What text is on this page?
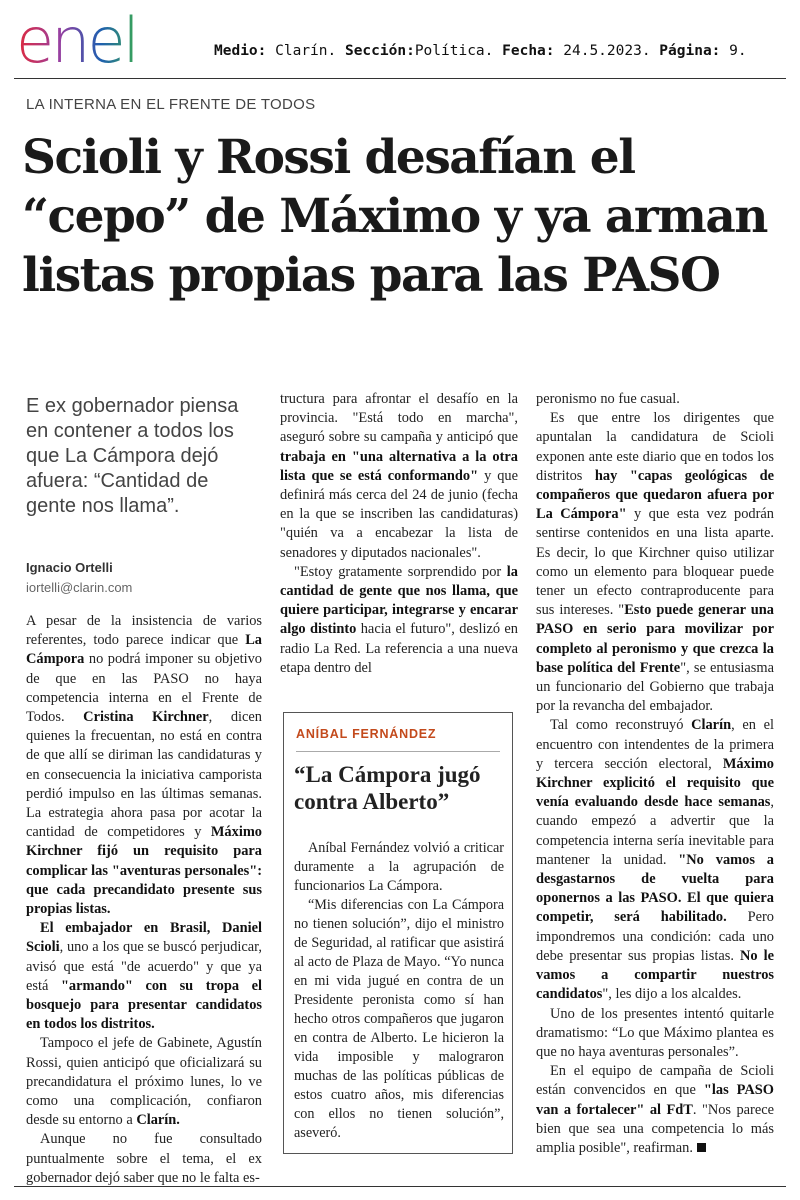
enel	Medio: Clarín. Sección:Política. Fecha: 24.5.2023. Página: 9.
LA INTERNA EN EL FRENTE DE TODOS
Scioli y Rossi desafían el “cepo” de Máximo y ya arman listas propias para las PASO

E ex gobernador piensa en contener a todos los que La Cámpora dejó afuera: “Cantidad de gente nos llama”.

Ignacio Ortelli
iortelli@clarin.com

A pesar de la insistencia de varios referentes, todo parece indicar que La Cámpora no podrá imponer su objetivo de que en las PASO no haya competencia interna en el Frente de Todos. Cristina Kirchner, dicen quienes la frecuentan, no está en contra de que allí se diriman las candidaturas y en consecuencia la iniciativa camporista perdió impulso en las últimas semanas. La estrategia ahora pasa por acotar la cantidad de competidores y Máximo Kirchner fijó un requisito para complicar las "aventuras personales": que cada precandidato presente sus propias listas.

El embajador en Brasil, Daniel Scioli, uno a los que se buscó perjudicar, avisó que está "de acuerdo" y que ya está "armando" con su tropa el bosquejo para presentar candidatos en todos los distritos.

Tampoco el jefe de Gabinete, Agustín Rossi, quien anticipó que oficializará su precandidatura el próximo lunes, lo ve como una complicación, confiaron desde su entorno a Clarín.

Aunque no fue consultado puntualmente sobre el tema, el ex gobernador dejó saber que no le falta es-

tructura para afrontar el desafío en la provincia. "Está todo en marcha", aseguró sobre su campaña y anticipó que trabaja en "una alternativa a la otra lista que se está conformando" y que definirá más cerca del 24 de junio (fecha en la que se inscriben las candidaturas) "quién va a encabezar la lista de senadores y diputados nacionales".

"Estoy gratamente sorprendido por la cantidad de gente que nos llama, que quiere participar, integrarse y encarar algo distinto hacia el futuro", deslizó en radio La Red. La referencia a una nueva etapa dentro del

ANÍBAL FERNÁNDEZ
“La Cámpora jugó contra Alberto”

Aníbal Fernández volvió a criticar duramente a la agrupación de funcionarios La Cámpora.

“Mis diferencias con La Cámpora no tienen solución”, dijo el ministro de Seguridad, al ratificar que asistirá al acto de Plaza de Mayo. “Yo nunca en mi vida jugué en contra de un Presidente peronista como sí han hecho otros compañeros que jugaron en contra de Alberto. Le hicieron la vida imposible y malograron muchas de las políticas públicas de estos cuatro años, mis diferencias con ellos no tienen solución”, aseveró.

peronismo no fue casual.

Es que entre los dirigentes que apuntalan la candidatura de Scioli exponen ante este diario que en todos los distritos hay "capas geológicas de compañeros que quedaron afuera por La Cámpora" y que esta vez podrán sentirse contenidos en una lista aparte. Es decir, lo que Kirchner quiso utilizar como un elemento para bloquear puede tener un efecto contraproducente para sus intereses. "Esto puede generar una PASO en serio para movilizar por completo al peronismo y que crezca la base política del Frente", se entusiasma un funcionario del Gobierno que trabaja por la revancha del embajador.

Tal como reconstruyó Clarín, en el encuentro con intendentes de la primera y tercera sección electoral, Máximo Kirchner explicitó el requisito que venía evaluando desde hace semanas, cuando empezó a advertir que la competencia interna sería inevitable para mantener la unidad. "No vamos a desgastarnos de vuelta para oponernos a las PASO. El que quiera competir, será habilitado. Pero impondremos una condición: cada uno debe presentar sus propias listas. No le vamos a compartir nuestros candidatos", les dijo a los alcaldes.

Uno de los presentes intentó quitarle dramatismo: “Lo que Máximo plantea es que no haya aventuras personales”.

En el equipo de campaña de Scioli están convencidos en que "las PASO van a fortalecer" al FdT. "Nos parece bien que sea una competencia lo más amplia posible", reafirman.
